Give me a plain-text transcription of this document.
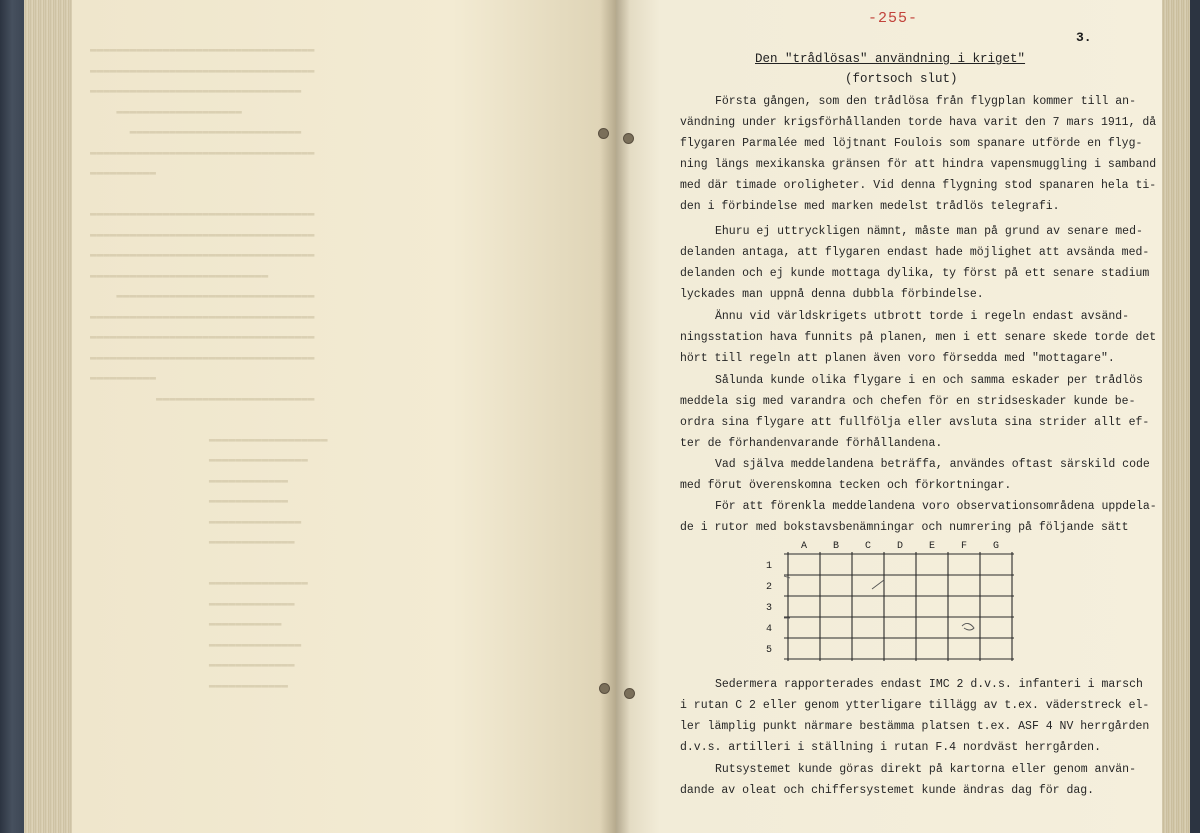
▬▬▬▬▬▬▬▬▬▬▬▬▬▬▬▬▬▬▬▬▬▬▬▬▬▬▬▬▬▬▬▬▬▬
▬▬▬▬▬▬▬▬▬▬▬▬▬▬▬▬▬▬▬▬▬▬▬▬▬▬▬▬▬▬▬▬▬▬
▬▬▬▬▬▬▬▬▬▬▬▬▬▬▬▬▬▬▬▬▬▬▬▬▬▬▬▬▬▬▬▬
▬▬▬▬▬▬▬▬▬▬▬▬▬▬▬▬▬▬▬
▬▬▬▬▬▬▬▬▬▬▬▬▬▬▬▬▬▬▬▬▬▬▬▬▬▬
▬▬▬▬▬▬▬▬▬▬▬▬▬▬▬▬▬▬▬▬▬▬▬▬▬▬▬▬▬▬▬▬▬▬
▬▬▬▬▬▬▬▬▬▬

▬▬▬▬▬▬▬▬▬▬▬▬▬▬▬▬▬▬▬▬▬▬▬▬▬▬▬▬▬▬▬▬▬▬
▬▬▬▬▬▬▬▬▬▬▬▬▬▬▬▬▬▬▬▬▬▬▬▬▬▬▬▬▬▬▬▬▬▬
▬▬▬▬▬▬▬▬▬▬▬▬▬▬▬▬▬▬▬▬▬▬▬▬▬▬▬▬▬▬▬▬▬▬
▬▬▬▬▬▬▬▬▬▬▬▬▬▬▬▬▬▬▬▬▬▬▬▬▬▬▬
▬▬▬▬▬▬▬▬▬▬▬▬▬▬▬▬▬▬▬▬▬▬▬▬▬▬▬▬▬▬
▬▬▬▬▬▬▬▬▬▬▬▬▬▬▬▬▬▬▬▬▬▬▬▬▬▬▬▬▬▬▬▬▬▬
▬▬▬▬▬▬▬▬▬▬▬▬▬▬▬▬▬▬▬▬▬▬▬▬▬▬▬▬▬▬▬▬▬▬
▬▬▬▬▬▬▬▬▬▬▬▬▬▬▬▬▬▬▬▬▬▬▬▬▬▬▬▬▬▬▬▬▬▬
▬▬▬▬▬▬▬▬▬▬
▬▬▬▬▬▬▬▬▬▬▬▬▬▬▬▬▬▬▬▬▬▬▬▬

▬▬▬▬▬▬▬▬▬▬▬▬▬▬▬▬▬▬
▬▬▬▬▬▬▬▬▬▬▬▬▬▬▬
▬▬▬▬▬▬▬▬▬▬▬▬
▬▬▬▬▬▬▬▬▬▬▬▬
▬▬▬▬▬▬▬▬▬▬▬▬▬▬
▬▬▬▬▬▬▬▬▬▬▬▬▬

▬▬▬▬▬▬▬▬▬▬▬▬▬▬▬
▬▬▬▬▬▬▬▬▬▬▬▬▬
▬▬▬▬▬▬▬▬▬▬▬
▬▬▬▬▬▬▬▬▬▬▬▬▬▬
▬▬▬▬▬▬▬▬▬▬▬▬▬
▬▬▬▬▬▬▬▬▬▬▬▬
-255-
3.
Den "trådlösas" användning i kriget"
(fortsoch slut)
Första gången, som den trådlösa från flygplan kommer till an-
vändning under krigsförhållanden torde hava varit den 7 mars 1911, då
flygaren Parmalée med löjtnant Foulois som spanare utförde en flyg-
ning längs mexikanska gränsen för att hindra vapensmuggling i samband
med där timade oroligheter. Vid denna flygning stod spanaren hela ti-
den i förbindelse med marken medelst trådlös telegrafi.
Ehuru ej uttryckligen nämnt, måste man på grund av senare med-
delanden antaga, att flygaren endast hade möjlighet att avsända med-
delanden och ej kunde mottaga dylika, ty först på ett senare stadium
lyckades man uppnå denna dubbla förbindelse.
Ännu vid världskrigets utbrott torde i regeln endast avsänd-
ningsstation hava funnits på planen, men i ett senare skede torde det
hört till regeln att planen även voro försedda med "mottagare".
Sålunda kunde olika flygare i en och samma eskader per trådlös
meddela sig med varandra och chefen för en stridseskader kunde be-
ordra sina flygare att fullfölja eller avsluta sina strider allt ef-
ter de förhandenvarande förhållandena.
Vad själva meddelandena beträffa, användes oftast särskild code
med förut överenskomna tecken och förkortningar.
För att förenkla meddelandena voro observationsområdena uppdela-
de i rutor med bokstavsbenämningar och numrering på följande sätt
A	B	C	D	E	F	G
1
2
3
4
5
Sedermera rapporterades endast IMC 2 d.v.s. infanteri i marsch
i rutan C 2 eller genom ytterligare tillägg av t.ex. väderstreck el-
ler lämplig punkt närmare bestämma platsen t.ex. ASF 4 NV herrgården
d.v.s. artilleri i ställning i rutan F.4 nordväst herrgården.
Rutsystemet kunde göras direkt på kartorna eller genom använ-
dande av oleat och chiffersystemet kunde ändras dag för dag.
